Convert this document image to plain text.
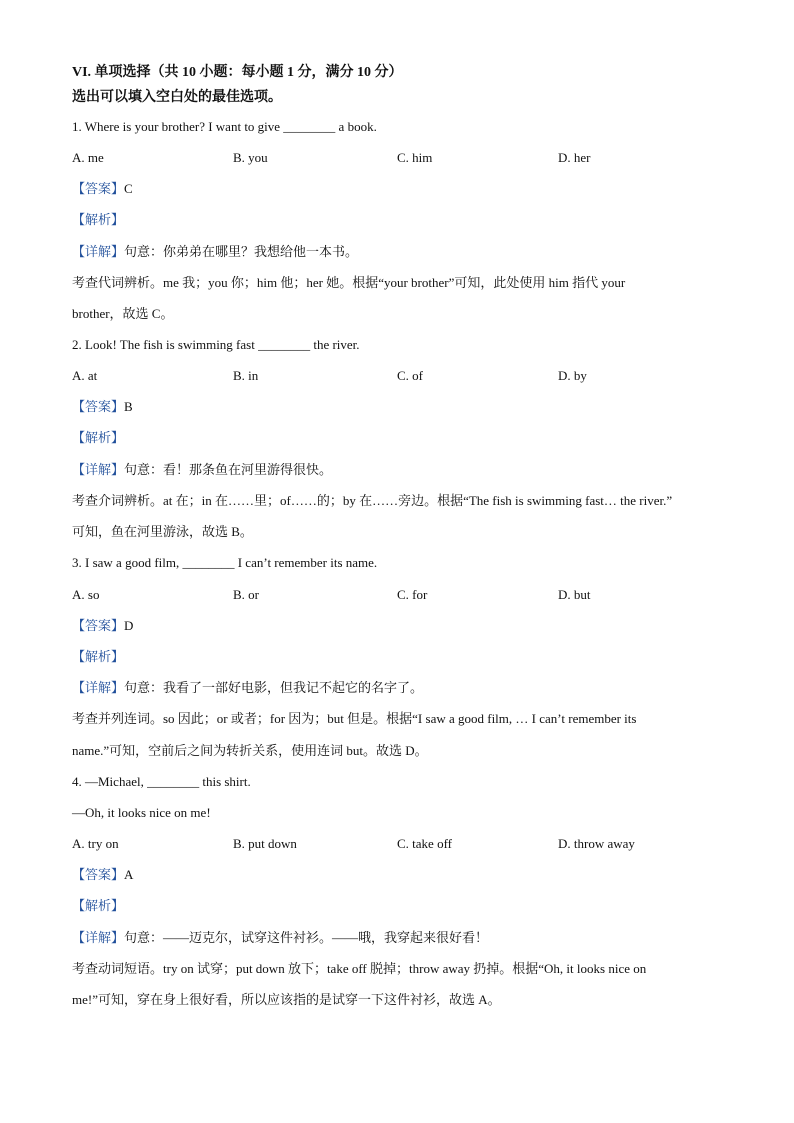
VI. 单项选择（共 10 小题：每小题 1 分，满分 10 分）
选出可以填入空白处的最佳选项。
1. Where is your brother? I want to give ________ a book.
A. me	B. you	C. him	D. her
【答案】C
【解析】
【详解】句意：你弟弟在哪里？我想给他一本书。
考查代词辨析。me 我；you 你；him 他；her 她。根据“your brother”可知，此处使用 him 指代 your
brother，故选 C。
2. Look! The fish is swimming fast ________ the river.
A. at	B. in	C. of	D. by
【答案】B
【解析】
【详解】句意：看！那条鱼在河里游得很快。
考查介词辨析。at 在；in 在……里；of……的；by 在……旁边。根据“The fish is swimming fast… the river.”
可知，鱼在河里游泳，故选 B。
3. I saw a good film, ________ I can’t remember its name.
A. so	B. or	C. for	D. but
【答案】D
【解析】
【详解】句意：我看了一部好电影，但我记不起它的名字了。
考查并列连词。so 因此；or 或者；for 因为；but 但是。根据“I saw a good film, … I can’t remember its
name.”可知，空前后之间为转折关系，使用连词 but。故选 D。
4. —Michael, ________ this shirt.
—Oh, it looks nice on me!
A. try on	B. put down	C. take off	D. throw away
【答案】A
【解析】
【详解】句意：——迈克尔，试穿这件衬衫。——哦，我穿起来很好看！
考查动词短语。try on 试穿；put down 放下；take off 脱掉；throw away 扔掉。根据“Oh, it looks nice on
me!”可知，穿在身上很好看，所以应该指的是试穿一下这件衬衫，故选 A。
